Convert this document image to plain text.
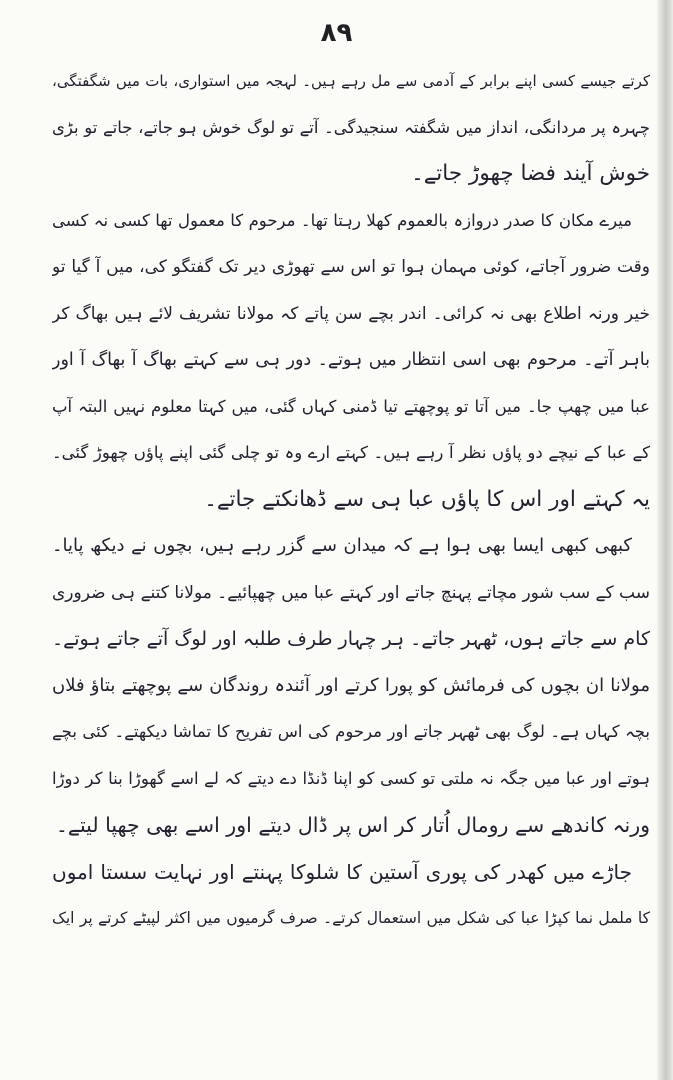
۸۹
کرتے جیسے کسی اپنے برابر کے آدمی سے مل رہے ہیں۔ لہجہ میں استواری، بات میں شگفتگی،
چہرہ پر مردانگی، انداز میں شگفتہ سنجیدگی۔ آتے تو لوگ خوش ہو جاتے، جاتے تو بڑی
خوش آیند فضا چھوڑ جاتے۔
میرے مکان کا صدر دروازہ بالعموم کھلا رہتا تھا۔ مرحوم کا معمول تھا کسی نہ کسی
وقت ضرور آجاتے، کوئی مہمان ہوا تو اس سے تھوڑی دیر تک گفتگو کی، میں آ گیا تو
خیر ورنہ اطلاع بھی نہ کرائی۔ اندر بچے سن پاتے کہ مولانا تشریف لائے ہیں بھاگ کر
باہر آتے۔ مرحوم بھی اسی انتظار میں ہوتے۔ دور ہی سے کہتے بھاگ آ بھاگ آ اور
عبا میں چھپ جا۔ میں آتا تو پوچھتے تیا ڈمنی کہاں گئی، میں کہتا معلوم نہیں البتہ آپ
کے عبا کے نیچے دو پاؤں نظر آ رہے ہیں۔ کہتے ارے وہ تو چلی گئی اپنے پاؤں چھوڑ گئی۔
یہ کہتے اور اس کا پاؤں عبا ہی سے ڈھانکتے جاتے۔
کبھی کبھی ایسا بھی ہوا ہے کہ میدان سے گزر رہے ہیں، بچوں نے دیکھ پایا۔
سب کے سب شور مچاتے پہنچ جاتے اور کہتے عبا میں چھپائیے۔ مولانا کتنے ہی ضروری
کام سے جاتے ہوں، ٹھہر جاتے۔ ہر چہار طرف طلبہ اور لوگ آتے جاتے ہوتے۔
مولانا ان بچوں کی فرمائش کو پورا کرتے اور آئندہ روندگان سے پوچھتے بتاؤ فلاں
بچہ کہاں ہے۔ لوگ بھی ٹھہر جاتے اور مرحوم کی اس تفریح کا تماشا دیکھتے۔ کئی بچے
ہوتے اور عبا میں جگہ نہ ملتی تو کسی کو اپنا ڈنڈا دے دیتے کہ لے اسے گھوڑا بنا کر دوڑا
ورنہ کاندھے سے رومال اُتار کر اس پر ڈال دیتے اور اسے بھی چھپا لیتے۔
جاڑے میں کھدر کی پوری آستین کا شلوکا پہنتے اور نہایت سستا اموں
کا ململ نما کپڑا عبا کی شکل میں استعمال کرتے۔ صرف گرمیوں میں اکثر لپیٹے کرتے پر ایک
